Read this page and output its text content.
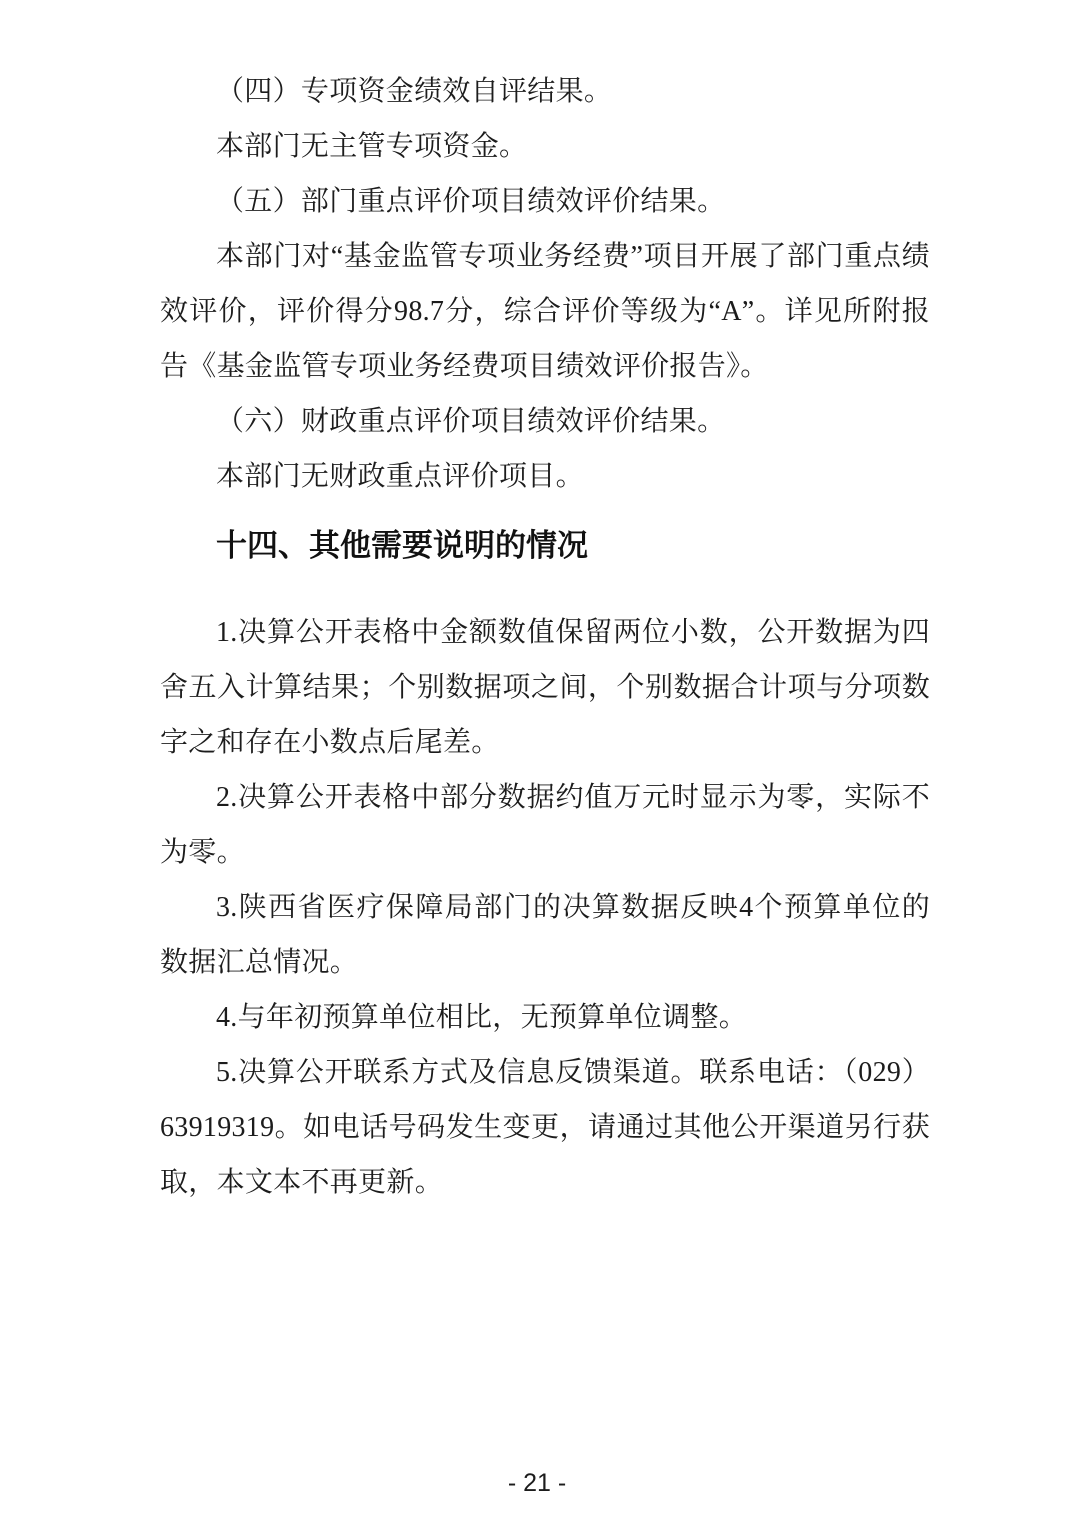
（四）专项资金绩效自评结果。

本部门无主管专项资金。

（五）部门重点评价项目绩效评价结果。

本部门对“基金监管专项业务经费”项目开展了部门重点绩效评价，评价得分98.7分，综合评价等级为“A”。详见所附报告《基金监管专项业务经费项目绩效评价报告》。

（六）财政重点评价项目绩效评价结果。

本部门无财政重点评价项目。

十四、其他需要说明的情况

1.决算公开表格中金额数值保留两位小数，公开数据为四舍五入计算结果；个别数据项之间，个别数据合计项与分项数字之和存在小数点后尾差。

2.决算公开表格中部分数据约值万元时显示为零，实际不为零。

3.陕西省医疗保障局部门的决算数据反映4个预算单位的数据汇总情况。

4.与年初预算单位相比，无预算单位调整。

5.决算公开联系方式及信息反馈渠道。联系电话：（029）63919319。如电话号码发生变更，请通过其他公开渠道另行获取，本文本不再更新。

- 21 -
